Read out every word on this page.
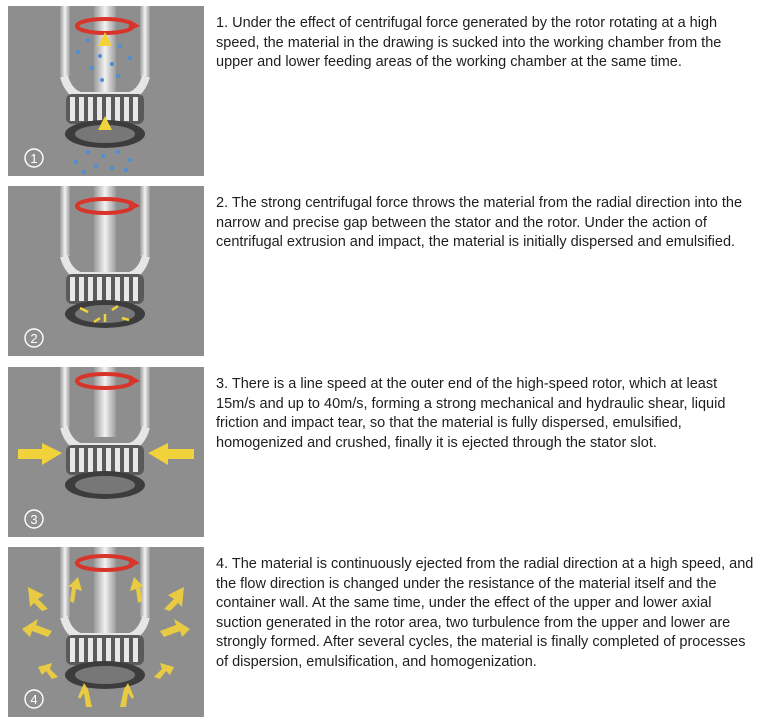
1

1. Under the effect of centrifugal force generated by the rotor rotating at a high speed, the material in the drawing is sucked into the working chamber from the upper and lower feeding areas of the working chamber at the same time.

2

2. The strong centrifugal force throws the material from the radial direction into the narrow and precise gap between the stator and the rotor. Under the action of centrifugal extrusion and impact, the material is initially dispersed and emulsified.

3

3. There is a line speed at the outer end of the high-speed rotor, which at least 15m/s and up to 40m/s, forming a strong mechanical and hydraulic shear, liquid friction and impact tear, so that the material is fully dispersed, emulsified, homogenized and crushed, finally it is ejected through the stator slot.

4

4. The material is continuously ejected from the radial direction at a high speed, and the flow direction is changed under the resistance of the material itself and the container wall. At the same time, under the effect of the upper and lower axial suction generated in the rotor area, two turbulence from the upper and lower are strongly formed. After several cycles, the material is finally completed of processes of dispersion, emulsification, and homogenization.
